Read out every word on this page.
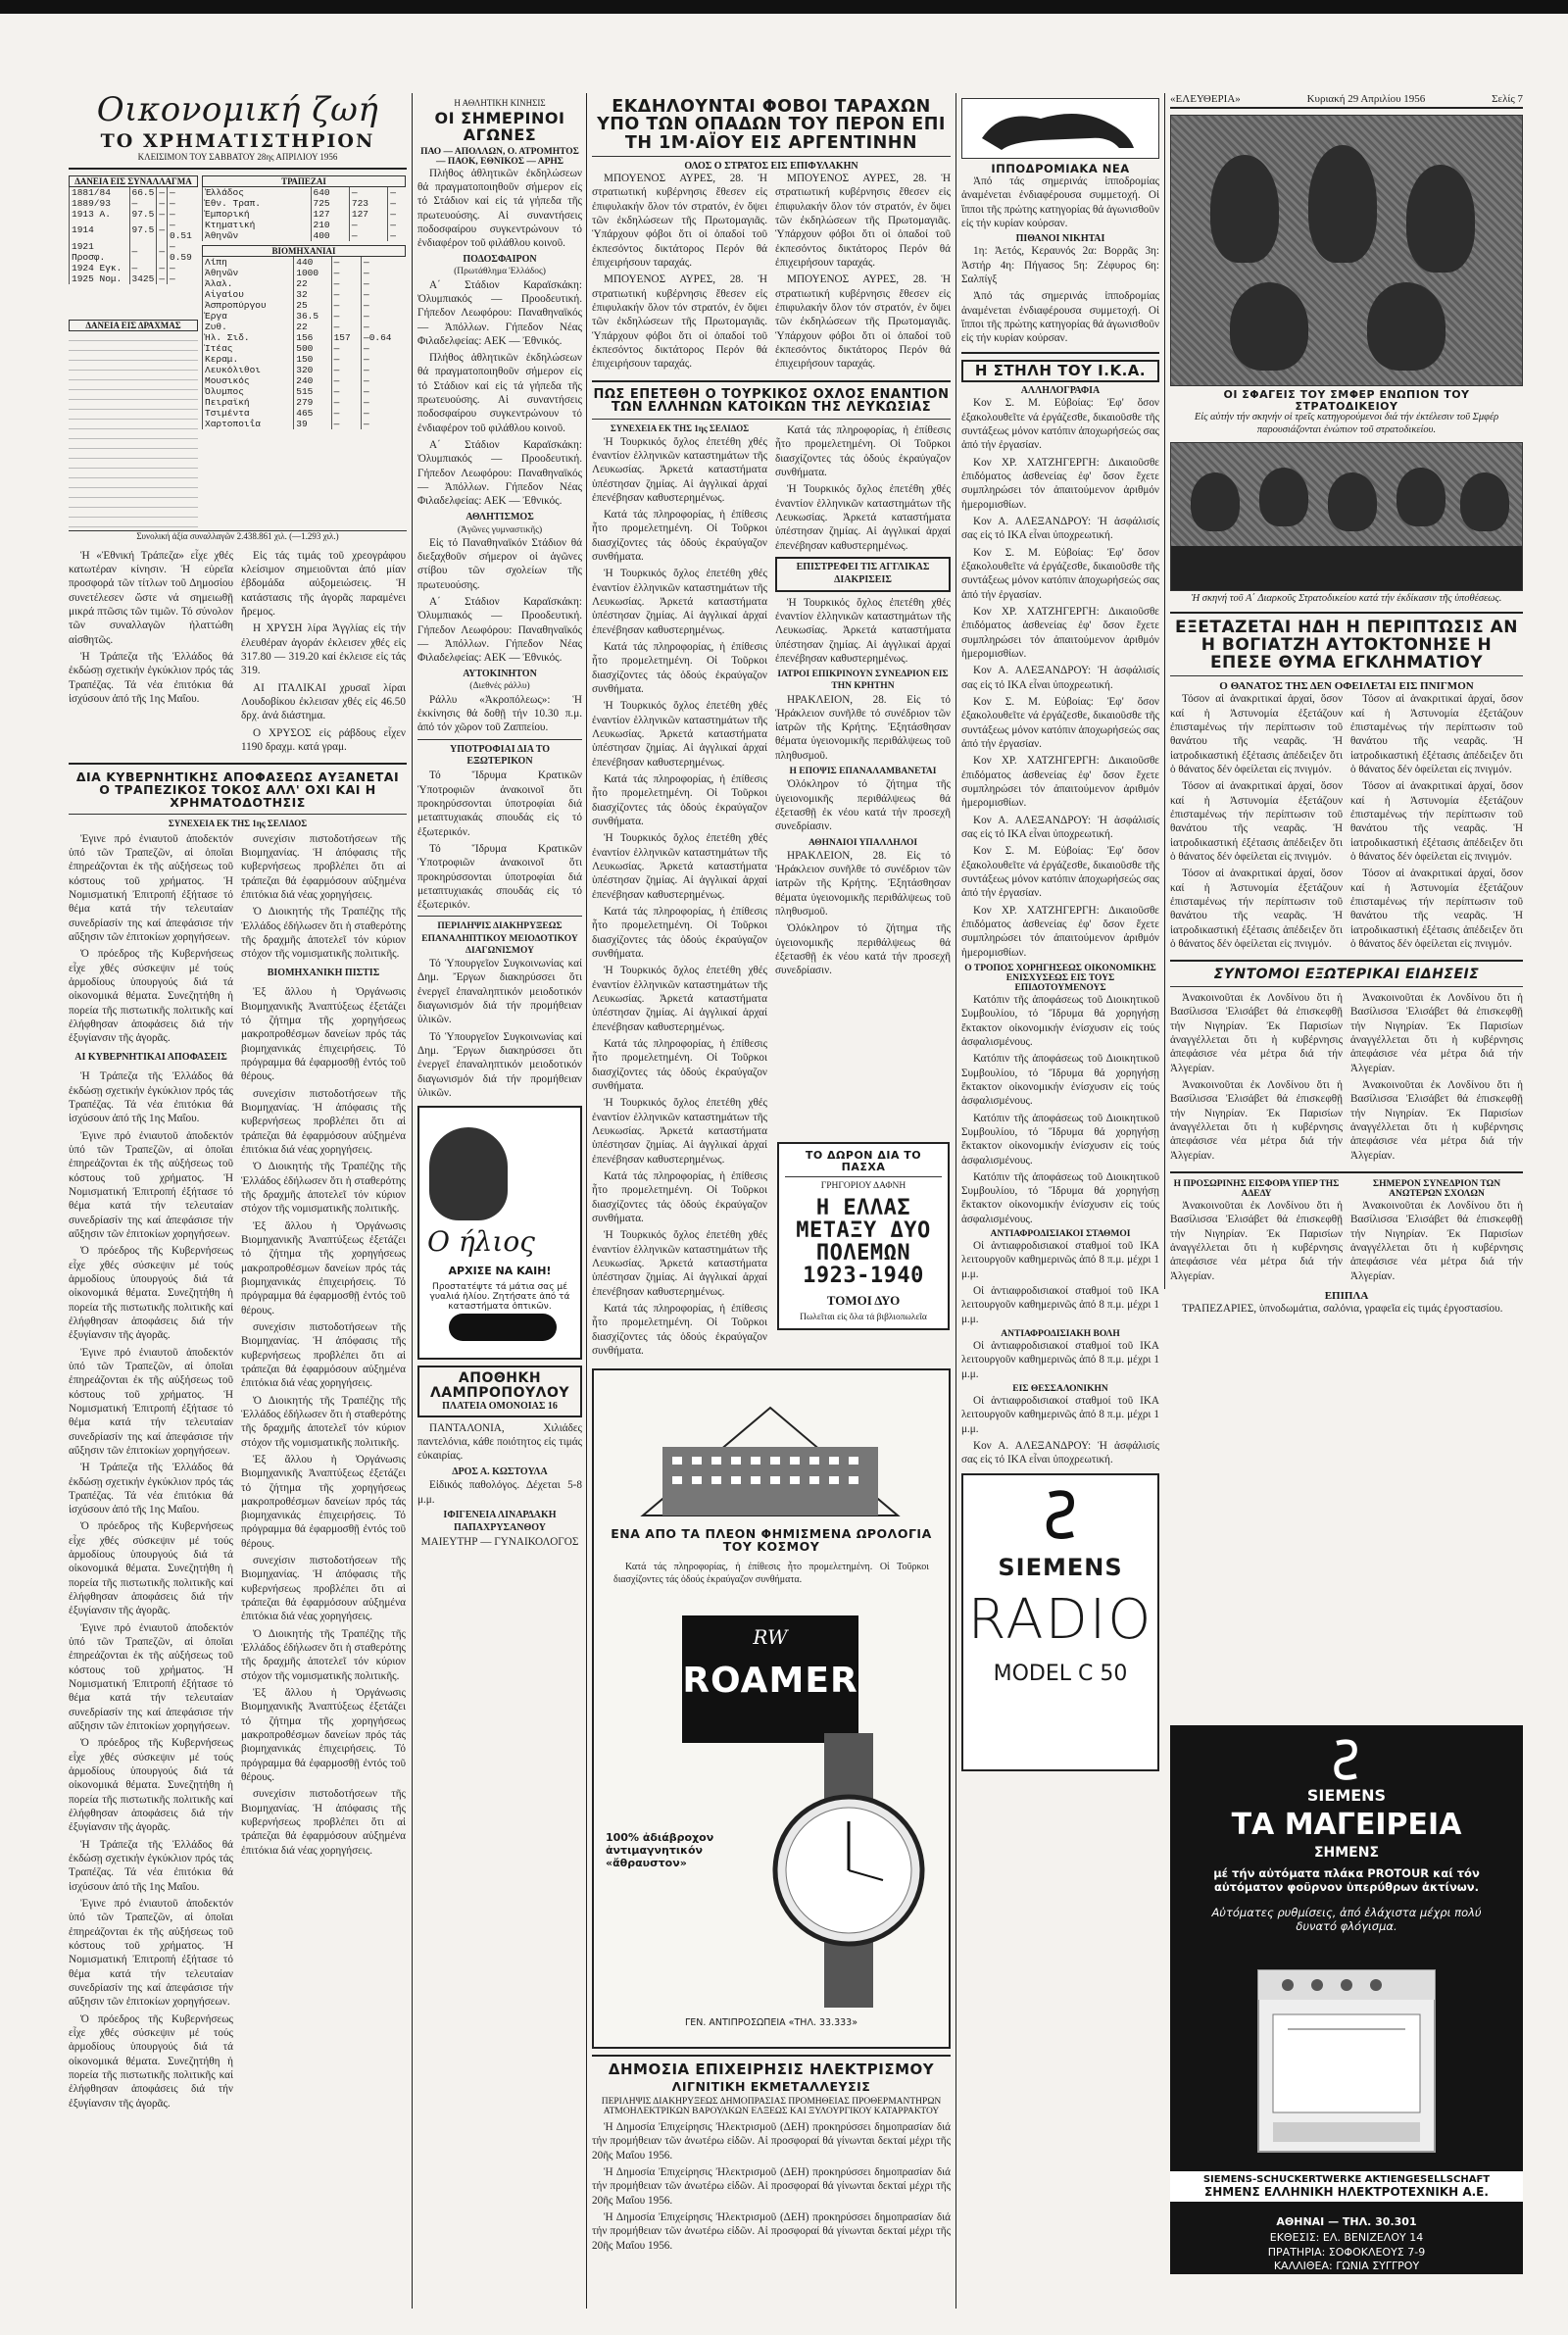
Οικονομική ζωή
ΤΟ ΧΡΗΜΑΤΙΣΤΗΡΙΟΝ
ΚΛΕΙΣΙΜΟΝ ΤΟΥ ΣΑΒΒΑΤΟΥ 28ης ΑΠΡΙΛΙΟΥ 1956
ΔΑΝΕΙΑ ΕΙΣ ΣΥΝΑΛΛΑΓΜΑ
1881/84	66.5	—	—
1889/93	—	—	—
1913 Α.	97.5	—	—
1914	97.5	—	—0.51
1921 Προσφ.	—	—	—0.59
1924 Εγκ.	—	—	—
1925 Νομ.	3425	—	—
ΔΑΝΕΙΑ ΕΙΣ ΔΡΑΧΜΑΣ
ΤΡΑΠΕΖΑΙ
Ἑλλάδος	640	—	—
Ἐθν. Τραπ.	725	723	—
Ἐμπορική	127	127	—
Κτηματική	210	—	—
Ἀθηνῶν	400	—	—
ΒΙΟΜΗΧΑΝΙΑΙ
Λίπη	440	—	—
Ἀθηνῶν	1000	—	—
Ἀλαλ.	22	—	—
Αἰγαίου	32	—	—
Ἀσπροπύργου	25	—	—
Ἐργα	36.5	—	—
Ζυθ.	22	—	—
Ἠλ. Σιδ.	156	157	—0.64
Ἰτέας	500	—	—
Κεραμ.	150	—	—
Λευκόλιθοι	320	—	—
Μουσικός	240	—	—
Ὀλυμπος	515	—	—
Πειραϊκή	279	—	—
Τσιμέντα	465	—	—
Χαρτοποιΐα	39	—	—
Συνολική ἀξία συναλλαγῶν 2.438.861 χιλ. (—1.293 χιλ.)

Ἡ «Ἐθνική Τράπεζα» εἶχε χθές κατωτέραν κίνησιν. Ἡ εὑρεῖα προσφορά τῶν τίτλων τοῦ Δημοσίου συνετέλεσεν ὥστε νά σημειωθῇ μικρά πτῶσις τῶν τιμῶν. Τό σύνολον τῶν συναλλαγῶν ἠλαττώθη αἰσθητῶς.

Ἡ Τράπεζα τῆς Ἑλλάδος θά ἐκδώσῃ σχετικήν ἐγκύκλιον πρός τάς Τραπέζας. Τά νέα ἐπιτόκια θά ἰσχύσουν ἀπό τῆς 1ης Μαΐου.

Εἰς τάς τιμάς τοῦ χρεογράφου κλείσιμον σημειοῦνται ἀπό μίαν ἐβδομάδα αὐξομειώσεις. Ἡ κατάστασις τῆς ἀγορᾶς παραμένει ἤρεμος.

Η ΧΡΥΣΗ λίρα Ἀγγλίας εἰς τήν ἐλευθέραν ἀγοράν ἐκλεισεν χθές εἰς 317.80 — 319.20 καί ἐκλεισε εἰς τάς 319.

ΑΙ ΙΤΑΛΙΚΑΙ χρυσαῖ λίραι Λουδοβίκου ἐκλεισαν χθές εἰς 46.50 δρχ. ἀνά διάστημα.

Ο ΧΡΥΣΟΣ εἰς ράβδους εἶχεν 1190 δραχμ. κατά γραμ.

ΔΙΑ ΚΥΒΕΡΝΗΤΙΚΗΣ ΑΠΟΦΑΣΕΩΣ ΑΥΞΑΝΕΤΑΙ Ο ΤΡΑΠΕΖΙΚΟΣ ΤΟΚΟΣ ΑΛΛ' ΟΧΙ ΚΑΙ Η ΧΡΗΜΑΤΟΔΟΤΗΣΙΣ
ΣΥΝΕΧΕΙΑ ΕΚ ΤΗΣ 1ης ΣΕΛΙΔΟΣ

Ἐγινε πρό ἐνιαυτοῦ ἀποδεκτόν ὑπό τῶν Τραπεζῶν, αἱ ὁποῖαι ἐπηρεάζονται ἐκ τῆς αὐξήσεως τοῦ κόστους τοῦ χρήματος. Ἡ Νομισματική Ἐπιτροπή ἐξήτασε τό θέμα κατά τήν τελευταίαν συνεδρίασίν της καί ἀπεφάσισε τήν αὔξησιν τῶν ἐπιτοκίων χορηγήσεων.

Ὁ πρόεδρος τῆς Κυβερνήσεως εἶχε χθές σύσκεψιν μέ τούς ἁρμοδίους ὑπουργούς διά τά οἰκονομικά θέματα. Συνεζητήθη ἡ πορεία τῆς πιστωτικῆς πολιτικῆς καί ἐλήφθησαν ἀποφάσεις διά τήν ἐξυγίανσιν τῆς ἀγορᾶς.

ΑΙ ΚΥΒΕΡΝΗΤΙΚΑΙ ΑΠΟΦΑΣΕΙΣ

Ἡ Τράπεζα τῆς Ἑλλάδος θά ἐκδώσῃ σχετικήν ἐγκύκλιον πρός τάς Τραπέζας. Τά νέα ἐπιτόκια θά ἰσχύσουν ἀπό τῆς 1ης Μαΐου.

Ἐγινε πρό ἐνιαυτοῦ ἀποδεκτόν ὑπό τῶν Τραπεζῶν, αἱ ὁποῖαι ἐπηρεάζονται ἐκ τῆς αὐξήσεως τοῦ κόστους τοῦ χρήματος. Ἡ Νομισματική Ἐπιτροπή ἐξήτασε τό θέμα κατά τήν τελευταίαν συνεδρίασίν της καί ἀπεφάσισε τήν αὔξησιν τῶν ἐπιτοκίων χορηγήσεων.

Ὁ πρόεδρος τῆς Κυβερνήσεως εἶχε χθές σύσκεψιν μέ τούς ἁρμοδίους ὑπουργούς διά τά οἰκονομικά θέματα. Συνεζητήθη ἡ πορεία τῆς πιστωτικῆς πολιτικῆς καί ἐλήφθησαν ἀποφάσεις διά τήν ἐξυγίανσιν τῆς ἀγορᾶς.

Ἐγινε πρό ἐνιαυτοῦ ἀποδεκτόν ὑπό τῶν Τραπεζῶν, αἱ ὁποῖαι ἐπηρεάζονται ἐκ τῆς αὐξήσεως τοῦ κόστους τοῦ χρήματος. Ἡ Νομισματική Ἐπιτροπή ἐξήτασε τό θέμα κατά τήν τελευταίαν συνεδρίασίν της καί ἀπεφάσισε τήν αὔξησιν τῶν ἐπιτοκίων χορηγήσεων.

Ἡ Τράπεζα τῆς Ἑλλάδος θά ἐκδώσῃ σχετικήν ἐγκύκλιον πρός τάς Τραπέζας. Τά νέα ἐπιτόκια θά ἰσχύσουν ἀπό τῆς 1ης Μαΐου.

Ὁ πρόεδρος τῆς Κυβερνήσεως εἶχε χθές σύσκεψιν μέ τούς ἁρμοδίους ὑπουργούς διά τά οἰκονομικά θέματα. Συνεζητήθη ἡ πορεία τῆς πιστωτικῆς πολιτικῆς καί ἐλήφθησαν ἀποφάσεις διά τήν ἐξυγίανσιν τῆς ἀγορᾶς.

Ἐγινε πρό ἐνιαυτοῦ ἀποδεκτόν ὑπό τῶν Τραπεζῶν, αἱ ὁποῖαι ἐπηρεάζονται ἐκ τῆς αὐξήσεως τοῦ κόστους τοῦ χρήματος. Ἡ Νομισματική Ἐπιτροπή ἐξήτασε τό θέμα κατά τήν τελευταίαν συνεδρίασίν της καί ἀπεφάσισε τήν αὔξησιν τῶν ἐπιτοκίων χορηγήσεων.

Ὁ πρόεδρος τῆς Κυβερνήσεως εἶχε χθές σύσκεψιν μέ τούς ἁρμοδίους ὑπουργούς διά τά οἰκονομικά θέματα. Συνεζητήθη ἡ πορεία τῆς πιστωτικῆς πολιτικῆς καί ἐλήφθησαν ἀποφάσεις διά τήν ἐξυγίανσιν τῆς ἀγορᾶς.

Ἡ Τράπεζα τῆς Ἑλλάδος θά ἐκδώσῃ σχετικήν ἐγκύκλιον πρός τάς Τραπέζας. Τά νέα ἐπιτόκια θά ἰσχύσουν ἀπό τῆς 1ης Μαΐου.

Ἐγινε πρό ἐνιαυτοῦ ἀποδεκτόν ὑπό τῶν Τραπεζῶν, αἱ ὁποῖαι ἐπηρεάζονται ἐκ τῆς αὐξήσεως τοῦ κόστους τοῦ χρήματος. Ἡ Νομισματική Ἐπιτροπή ἐξήτασε τό θέμα κατά τήν τελευταίαν συνεδρίασίν της καί ἀπεφάσισε τήν αὔξησιν τῶν ἐπιτοκίων χορηγήσεων.

Ὁ πρόεδρος τῆς Κυβερνήσεως εἶχε χθές σύσκεψιν μέ τούς ἁρμοδίους ὑπουργούς διά τά οἰκονομικά θέματα. Συνεζητήθη ἡ πορεία τῆς πιστωτικῆς πολιτικῆς καί ἐλήφθησαν ἀποφάσεις διά τήν ἐξυγίανσιν τῆς ἀγορᾶς.

συνεχίσιν πιστοδοτήσεων τῆς Βιομηχανίας. Ἡ ἀπόφασις τῆς κυβερνήσεως προβλέπει ὅτι αἱ τράπεζαι θά ἐφαρμόσουν αὐξημένα ἐπιτόκια διά νέας χορηγήσεις.

Ὁ Διοικητής τῆς Τραπέζης τῆς Ἑλλάδος ἐδήλωσεν ὅτι ἡ σταθερότης τῆς δραχμῆς ἀποτελεῖ τόν κύριον στόχον τῆς νομισματικῆς πολιτικῆς.

ΒΙΟΜΗΧΑΝΙΚΗ ΠΙΣΤΙΣ

Ἐξ ἄλλου ἡ Ὀργάνωσις Βιομηχανικῆς Ἀναπτύξεως ἐξετάζει τό ζήτημα τῆς χορηγήσεως μακροπροθέσμων δανείων πρός τάς βιομηχανικάς ἐπιχειρήσεις. Τό πρόγραμμα θά ἐφαρμοσθῇ ἐντός τοῦ θέρους.

συνεχίσιν πιστοδοτήσεων τῆς Βιομηχανίας. Ἡ ἀπόφασις τῆς κυβερνήσεως προβλέπει ὅτι αἱ τράπεζαι θά ἐφαρμόσουν αὐξημένα ἐπιτόκια διά νέας χορηγήσεις.

Ὁ Διοικητής τῆς Τραπέζης τῆς Ἑλλάδος ἐδήλωσεν ὅτι ἡ σταθερότης τῆς δραχμῆς ἀποτελεῖ τόν κύριον στόχον τῆς νομισματικῆς πολιτικῆς.

Ἐξ ἄλλου ἡ Ὀργάνωσις Βιομηχανικῆς Ἀναπτύξεως ἐξετάζει τό ζήτημα τῆς χορηγήσεως μακροπροθέσμων δανείων πρός τάς βιομηχανικάς ἐπιχειρήσεις. Τό πρόγραμμα θά ἐφαρμοσθῇ ἐντός τοῦ θέρους.

συνεχίσιν πιστοδοτήσεων τῆς Βιομηχανίας. Ἡ ἀπόφασις τῆς κυβερνήσεως προβλέπει ὅτι αἱ τράπεζαι θά ἐφαρμόσουν αὐξημένα ἐπιτόκια διά νέας χορηγήσεις.

Ὁ Διοικητής τῆς Τραπέζης τῆς Ἑλλάδος ἐδήλωσεν ὅτι ἡ σταθερότης τῆς δραχμῆς ἀποτελεῖ τόν κύριον στόχον τῆς νομισματικῆς πολιτικῆς.

Ἐξ ἄλλου ἡ Ὀργάνωσις Βιομηχανικῆς Ἀναπτύξεως ἐξετάζει τό ζήτημα τῆς χορηγήσεως μακροπροθέσμων δανείων πρός τάς βιομηχανικάς ἐπιχειρήσεις. Τό πρόγραμμα θά ἐφαρμοσθῇ ἐντός τοῦ θέρους.

συνεχίσιν πιστοδοτήσεων τῆς Βιομηχανίας. Ἡ ἀπόφασις τῆς κυβερνήσεως προβλέπει ὅτι αἱ τράπεζαι θά ἐφαρμόσουν αὐξημένα ἐπιτόκια διά νέας χορηγήσεις.

Ὁ Διοικητής τῆς Τραπέζης τῆς Ἑλλάδος ἐδήλωσεν ὅτι ἡ σταθερότης τῆς δραχμῆς ἀποτελεῖ τόν κύριον στόχον τῆς νομισματικῆς πολιτικῆς.

Ἐξ ἄλλου ἡ Ὀργάνωσις Βιομηχανικῆς Ἀναπτύξεως ἐξετάζει τό ζήτημα τῆς χορηγήσεως μακροπροθέσμων δανείων πρός τάς βιομηχανικάς ἐπιχειρήσεις. Τό πρόγραμμα θά ἐφαρμοσθῇ ἐντός τοῦ θέρους.

συνεχίσιν πιστοδοτήσεων τῆς Βιομηχανίας. Ἡ ἀπόφασις τῆς κυβερνήσεως προβλέπει ὅτι αἱ τράπεζαι θά ἐφαρμόσουν αὐξημένα ἐπιτόκια διά νέας χορηγήσεις.

Η ΑΘΛΗΤΙΚΗ ΚΙΝΗΣΙΣ
ΟΙ ΣΗΜΕΡΙΝΟΙ ΑΓΩΝΕΣ
ΠΑΟ — ΑΠΟΛΛΩΝ, Ο. ΑΤΡΟΜΗΤΟΣ — ΠΑΟΚ, ΕΘΝΙΚΟΣ — ΑΡΗΣ

Πλήθος ἀθλητικῶν ἐκδηλώσεων θά πραγματοποιηθοῦν σήμερον εἰς τό Στάδιον καί εἰς τά γήπεδα τῆς πρωτευούσης. Αἱ συναντήσεις ποδοσφαίρου συγκεντρώνουν τό ἐνδιαφέρον τοῦ φιλάθλου κοινοῦ.

ΠΟΔΟΣΦΑΙΡΟΝ
(Πρωτάθλημα Ἑλλάδος)

Α΄ Στάδιον Καραϊσκάκη: Ὀλυμπιακός — Προοδευτική. Γήπεδον Λεωφόρου: Παναθηναϊκός — Ἀπόλλων. Γήπεδον Νέας Φιλαδελφείας: ΑΕΚ — Ἐθνικός.

Πλήθος ἀθλητικῶν ἐκδηλώσεων θά πραγματοποιηθοῦν σήμερον εἰς τό Στάδιον καί εἰς τά γήπεδα τῆς πρωτευούσης. Αἱ συναντήσεις ποδοσφαίρου συγκεντρώνουν τό ἐνδιαφέρον τοῦ φιλάθλου κοινοῦ.

Α΄ Στάδιον Καραϊσκάκη: Ὀλυμπιακός — Προοδευτική. Γήπεδον Λεωφόρου: Παναθηναϊκός — Ἀπόλλων. Γήπεδον Νέας Φιλαδελφείας: ΑΕΚ — Ἐθνικός.

ΑΘΛΗΤΙΣΜΟΣ
(Ἀγῶνες γυμναστικῆς)

Εἰς τό Παναθηναϊκόν Στάδιον θά διεξαχθοῦν σήμερον οἱ ἀγῶνες στίβου τῶν σχολείων τῆς πρωτευούσης.

Α΄ Στάδιον Καραϊσκάκη: Ὀλυμπιακός — Προοδευτική. Γήπεδον Λεωφόρου: Παναθηναϊκός — Ἀπόλλων. Γήπεδον Νέας Φιλαδελφείας: ΑΕΚ — Ἐθνικός.

ΑΥΤΟΚΙΝΗΤΟΝ
(Διεθνές ράλλυ)

Ράλλυ «Ἀκροπόλεως»: Ἡ ἐκκίνησις θά δοθῇ τήν 10.30 π.μ. ἀπό τόν χῶρον τοῦ Ζαππείου.

ΥΠΟΤΡΟΦΙΑΙ ΔΙΑ ΤΟ ΕΞΩΤΕΡΙΚΟΝ

Τό Ἵδρυμα Κρατικῶν Ὑποτροφιῶν ἀνακοινοῖ ὅτι προκηρύσσονται ὑποτροφίαι διά μεταπτυχιακάς σπουδάς εἰς τό ἐξωτερικόν.

Τό Ἵδρυμα Κρατικῶν Ὑποτροφιῶν ἀνακοινοῖ ὅτι προκηρύσσονται ὑποτροφίαι διά μεταπτυχιακάς σπουδάς εἰς τό ἐξωτερικόν.

ΠΕΡΙΛΗΨΙΣ ΔΙΑΚΗΡΥΞΕΩΣ ΕΠΑΝΑΛΗΠΤΙΚΟΥ ΜΕΙΟΔΟΤΙΚΟΥ ΔΙΑΓΩΝΙΣΜΟΥ

Τό Ὑπουργεῖον Συγκοινωνίας καί Δημ. Ἔργων διακηρύσσει ὅτι ἐνεργεῖ ἐπαναληπτικόν μειοδοτικόν διαγωνισμόν διά τήν προμήθειαν ὑλικῶν.

Τό Ὑπουργεῖον Συγκοινωνίας καί Δημ. Ἔργων διακηρύσσει ὅτι ἐνεργεῖ ἐπαναληπτικόν μειοδοτικόν διαγωνισμόν διά τήν προμήθειαν ὑλικῶν.

Ο ήλιος
ΑΡΧΙΣΕ ΝΑ ΚΑΙΗ!
Προστατέψτε τά μάτια σας μέ γυαλιά ἡλίου. Ζητήσατε ἀπό τά καταστήματα ὀπτικῶν.
ΑΠΟΘΗΚΗ ΛΑΜΠΡΟΠΟΥΛΟΥ
ΠΛΑΤΕΙΑ ΟΜΟΝΟΙΑΣ 16

ΠΑΝΤΑΛΟΝΙΑ, Χιλιάδες παντελόνια, κάθε ποιότητος εἰς τιμάς εὐκαιρίας.

ΔΡΟΣ Α. ΚΩΣΤΟΥΛΑ

Εἰδικός παθολόγος. Δέχεται 5-8 μ.μ.

ΙΦΙΓΕΝΕΙΑ ΛΙΝΑΡΔΑΚΗ ΠΑΠΑΧΡΥΣΑΝΘΟΥ

ΜΑΙΕΥΤΗΡ — ΓΥΝΑΙΚΟΛΟΓΟΣ

ΕΚΔΗΛΟΥΝΤΑΙ ΦΟΒΟΙ ΤΑΡΑΧΩΝ ΥΠΟ ΤΩΝ ΟΠΑΔΩΝ ΤΟΥ ΠΕΡΟΝ ΕΠΙ ΤΗ 1Μ·ΑΪΟΥ ΕΙΣ ΑΡΓΕΝΤΙΝΗΝ
ΟΛΟΣ Ο ΣΤΡΑΤΟΣ ΕΙΣ ΕΠΙΦΥΛΑΚΗΝ

ΜΠΟΥΕΝΟΣ ΑΥΡΕΣ, 28. Ἡ στρατιωτική κυβέρνησις ἔθεσεν εἰς ἐπιφυλακήν ὅλον τόν στρατόν, ἐν ὄψει τῶν ἐκδηλώσεων τῆς Πρωτομαγιᾶς. Ὑπάρχουν φόβοι ὅτι οἱ ὀπαδοί τοῦ ἐκπεσόντος δικτάτορος Περόν θά ἐπιχειρήσουν ταραχάς.

ΜΠΟΥΕΝΟΣ ΑΥΡΕΣ, 28. Ἡ στρατιωτική κυβέρνησις ἔθεσεν εἰς ἐπιφυλακήν ὅλον τόν στρατόν, ἐν ὄψει τῶν ἐκδηλώσεων τῆς Πρωτομαγιᾶς. Ὑπάρχουν φόβοι ὅτι οἱ ὀπαδοί τοῦ ἐκπεσόντος δικτάτορος Περόν θά ἐπιχειρήσουν ταραχάς.

ΜΠΟΥΕΝΟΣ ΑΥΡΕΣ, 28. Ἡ στρατιωτική κυβέρνησις ἔθεσεν εἰς ἐπιφυλακήν ὅλον τόν στρατόν, ἐν ὄψει τῶν ἐκδηλώσεων τῆς Πρωτομαγιᾶς. Ὑπάρχουν φόβοι ὅτι οἱ ὀπαδοί τοῦ ἐκπεσόντος δικτάτορος Περόν θά ἐπιχειρήσουν ταραχάς.

ΜΠΟΥΕΝΟΣ ΑΥΡΕΣ, 28. Ἡ στρατιωτική κυβέρνησις ἔθεσεν εἰς ἐπιφυλακήν ὅλον τόν στρατόν, ἐν ὄψει τῶν ἐκδηλώσεων τῆς Πρωτομαγιᾶς. Ὑπάρχουν φόβοι ὅτι οἱ ὀπαδοί τοῦ ἐκπεσόντος δικτάτορος Περόν θά ἐπιχειρήσουν ταραχάς.

ΠΩΣ ΕΠΕΤΕΘΗ Ο ΤΟΥΡΚΙΚΟΣ ΟΧΛΟΣ ΕΝΑΝΤΙΟΝ ΤΩΝ ΕΛΛΗΝΩΝ ΚΑΤΟΙΚΩΝ ΤΗΣ ΛΕΥΚΩΣΙΑΣ
ΣΥΝΕΧΕΙΑ ΕΚ ΤΗΣ 1ης ΣΕΛΙΔΟΣ

Ἡ Τουρκικός ὄχλος ἐπετέθη χθές ἐναντίον ἑλληνικῶν καταστημάτων τῆς Λευκωσίας. Ἀρκετά καταστήματα ὑπέστησαν ζημίας. Αἱ ἀγγλικαί ἀρχαί ἐπενέβησαν καθυστερημένως.

Κατά τάς πληροφορίας, ἡ ἐπίθεσις ἦτο προμελετημένη. Οἱ Τοῦρκοι διασχίζοντες τάς ὁδούς ἐκραύγαζον συνθήματα.

Ἡ Τουρκικός ὄχλος ἐπετέθη χθές ἐναντίον ἑλληνικῶν καταστημάτων τῆς Λευκωσίας. Ἀρκετά καταστήματα ὑπέστησαν ζημίας. Αἱ ἀγγλικαί ἀρχαί ἐπενέβησαν καθυστερημένως.

Κατά τάς πληροφορίας, ἡ ἐπίθεσις ἦτο προμελετημένη. Οἱ Τοῦρκοι διασχίζοντες τάς ὁδούς ἐκραύγαζον συνθήματα.

Ἡ Τουρκικός ὄχλος ἐπετέθη χθές ἐναντίον ἑλληνικῶν καταστημάτων τῆς Λευκωσίας. Ἀρκετά καταστήματα ὑπέστησαν ζημίας. Αἱ ἀγγλικαί ἀρχαί ἐπενέβησαν καθυστερημένως.

Κατά τάς πληροφορίας, ἡ ἐπίθεσις ἦτο προμελετημένη. Οἱ Τοῦρκοι διασχίζοντες τάς ὁδούς ἐκραύγαζον συνθήματα.

Ἡ Τουρκικός ὄχλος ἐπετέθη χθές ἐναντίον ἑλληνικῶν καταστημάτων τῆς Λευκωσίας. Ἀρκετά καταστήματα ὑπέστησαν ζημίας. Αἱ ἀγγλικαί ἀρχαί ἐπενέβησαν καθυστερημένως.

Κατά τάς πληροφορίας, ἡ ἐπίθεσις ἦτο προμελετημένη. Οἱ Τοῦρκοι διασχίζοντες τάς ὁδούς ἐκραύγαζον συνθήματα.

Ἡ Τουρκικός ὄχλος ἐπετέθη χθές ἐναντίον ἑλληνικῶν καταστημάτων τῆς Λευκωσίας. Ἀρκετά καταστήματα ὑπέστησαν ζημίας. Αἱ ἀγγλικαί ἀρχαί ἐπενέβησαν καθυστερημένως.

Κατά τάς πληροφορίας, ἡ ἐπίθεσις ἦτο προμελετημένη. Οἱ Τοῦρκοι διασχίζοντες τάς ὁδούς ἐκραύγαζον συνθήματα.

Ἡ Τουρκικός ὄχλος ἐπετέθη χθές ἐναντίον ἑλληνικῶν καταστημάτων τῆς Λευκωσίας. Ἀρκετά καταστήματα ὑπέστησαν ζημίας. Αἱ ἀγγλικαί ἀρχαί ἐπενέβησαν καθυστερημένως.

Κατά τάς πληροφορίας, ἡ ἐπίθεσις ἦτο προμελετημένη. Οἱ Τοῦρκοι διασχίζοντες τάς ὁδούς ἐκραύγαζον συνθήματα.

Ἡ Τουρκικός ὄχλος ἐπετέθη χθές ἐναντίον ἑλληνικῶν καταστημάτων τῆς Λευκωσίας. Ἀρκετά καταστήματα ὑπέστησαν ζημίας. Αἱ ἀγγλικαί ἀρχαί ἐπενέβησαν καθυστερημένως.

Κατά τάς πληροφορίας, ἡ ἐπίθεσις ἦτο προμελετημένη. Οἱ Τοῦρκοι διασχίζοντες τάς ὁδούς ἐκραύγαζον συνθήματα.

Κατά τάς πληροφορίας, ἡ ἐπίθεσις ἦτο προμελετημένη. Οἱ Τοῦρκοι διασχίζοντες τάς ὁδούς ἐκραύγαζον συνθήματα.

Ἡ Τουρκικός ὄχλος ἐπετέθη χθές ἐναντίον ἑλληνικῶν καταστημάτων τῆς Λευκωσίας. Ἀρκετά καταστήματα ὑπέστησαν ζημίας. Αἱ ἀγγλικαί ἀρχαί ἐπενέβησαν καθυστερημένως.

ΕΠΙΣΤΡΕΦΕΙ ΤΙΣ ΑΓΓΛΙΚΑΣ ΔΙΑΚΡΙΣΕΙΣ

Ἡ Τουρκικός ὄχλος ἐπετέθη χθές ἐναντίον ἑλληνικῶν καταστημάτων τῆς Λευκωσίας. Ἀρκετά καταστήματα ὑπέστησαν ζημίας. Αἱ ἀγγλικαί ἀρχαί ἐπενέβησαν καθυστερημένως.

ΙΑΤΡΟΙ ΕΠΙΚΡΙΝΟΥΝ ΣΥΝΕΔΡΙΟΝ ΕΙΣ ΤΗΝ ΚΡΗΤΗΝ

ΗΡΑΚΛΕΙΟΝ, 28. Εἰς τό Ἡράκλειον συνῆλθε τό συνέδριον τῶν ἰατρῶν τῆς Κρήτης. Ἐξητάσθησαν θέματα ὑγειονομικῆς περιθάλψεως τοῦ πληθυσμοῦ.

Η ΕΠΟΨΙΣ ΕΠΑΝΑΛΑΜΒΑΝΕΤΑΙ

Ὁλόκληρον τό ζήτημα τῆς ὑγειονομικῆς περιθάλψεως θά ἐξετασθῇ ἐκ νέου κατά τήν προσεχῆ συνεδρίασιν.

ΑΘΗΝΑΙΟΙ ΥΠΑΛΛΗΛΟΙ

ΗΡΑΚΛΕΙΟΝ, 28. Εἰς τό Ἡράκλειον συνῆλθε τό συνέδριον τῶν ἰατρῶν τῆς Κρήτης. Ἐξητάσθησαν θέματα ὑγειονομικῆς περιθάλψεως τοῦ πληθυσμοῦ.

Ὁλόκληρον τό ζήτημα τῆς ὑγειονομικῆς περιθάλψεως θά ἐξετασθῇ ἐκ νέου κατά τήν προσεχῆ συνεδρίασιν.

ΕΝΑ ΑΠΟ ΤΑ ΠΛΕΟΝ ΦΗΜΙΣΜΕΝΑ ΩΡΟΛΟΓΙΑ ΤΟΥ ΚΟΣΜΟΥ

Κατά τάς πληροφορίας, ἡ ἐπίθεσις ἦτο προμελετημένη. Οἱ Τοῦρκοι διασχίζοντες τάς ὁδούς ἐκραύγαζον συνθήματα.

RW
ROAMER
100% ἀδιάβροχον ἀντιμαγνητικόν «ἄθραυστον»
ΓΕΝ. ΑΝΤΙΠΡΟΣΩΠΕΙΑ «ΤΗΛ. 33.333»
ΔΗΜΟΣΙΑ ΕΠΙΧΕΙΡΗΣΙΣ ΗΛΕΚΤΡΙΣΜΟΥ
ΛΙΓΝΙΤΙΚΗ ΕΚΜΕΤΑΛΛΕΥΣΙΣ
ΠΕΡΙΛΗΨΙΣ ΔΙΑΚΗΡΥΞΕΩΣ ΔΗΜΟΠΡΑΣΙΑΣ ΠΡΟΜΗΘΕΙΑΣ ΠΡΟΘΕΡΜΑΝΤΗΡΩΝ ΑΤΜΟΗΛΕΚΤΡΙΚΩΝ ΒΑΡΟΥΛΚΩΝ ΕΛΞΕΩΣ ΚΑΙ ΞΥΛΟΥΡΓΙΚΟΥ ΚΑΤΑΡΡΑΚΤΟΥ

Ἡ Δημοσία Ἐπιχείρησις Ἠλεκτρισμοῦ (ΔΕΗ) προκηρύσσει δημοπρασίαν διά τήν προμήθειαν τῶν ἀνωτέρω εἰδῶν. Αἱ προσφοραί θά γίνωνται δεκταί μέχρι τῆς 20ῆς Μαΐου 1956.

Ἡ Δημοσία Ἐπιχείρησις Ἠλεκτρισμοῦ (ΔΕΗ) προκηρύσσει δημοπρασίαν διά τήν προμήθειαν τῶν ἀνωτέρω εἰδῶν. Αἱ προσφοραί θά γίνωνται δεκταί μέχρι τῆς 20ῆς Μαΐου 1956.

Ἡ Δημοσία Ἐπιχείρησις Ἠλεκτρισμοῦ (ΔΕΗ) προκηρύσσει δημοπρασίαν διά τήν προμήθειαν τῶν ἀνωτέρω εἰδῶν. Αἱ προσφοραί θά γίνωνται δεκταί μέχρι τῆς 20ῆς Μαΐου 1956.

ΙΠΠΟΔΡΟΜΙΑΚΑ ΝΕΑ

Ἀπό τάς σημερινάς ἱπποδρομίας ἀναμένεται ἐνδιαφέρουσα συμμετοχή. Οἱ ἵπποι τῆς πρώτης κατηγορίας θά ἀγωνισθοῦν εἰς τήν κυρίαν κούρσαν.

ΠΙΘΑΝΟΙ ΝΙΚΗΤΑΙ

1η: Ἀετός, Κεραυνός 2α: Βορρᾶς 3η: Ἀστήρ 4η: Πήγασος 5η: Ζέφυρος 6η: Σαλπίγξ

Ἀπό τάς σημερινάς ἱπποδρομίας ἀναμένεται ἐνδιαφέρουσα συμμετοχή. Οἱ ἵπποι τῆς πρώτης κατηγορίας θά ἀγωνισθοῦν εἰς τήν κυρίαν κούρσαν.

Η ΣΤΗΛΗ ΤΟΥ Ι.Κ.Α.
ΑΛΛΗΛΟΓΡΑΦΙΑ

Κον Σ. Μ. Εὐβοίας: Ἐφ' ὅσον ἐξακολουθεῖτε νά ἐργάζεσθε, δικαιοῦσθε τῆς συντάξεως μόνον κατόπιν ἀποχωρήσεώς σας ἀπό τήν ἐργασίαν.

Κον ΧΡ. ΧΑΤΖΗΓΕΡΓΗ: Δικαιοῦσθε ἐπιδόματος ἀσθενείας ἐφ' ὅσον ἔχετε συμπληρώσει τόν ἀπαιτούμενον ἀριθμόν ἡμερομισθίων.

Κον Α. ΑΛΕΞΑΝΔΡΟΥ: Ἡ ἀσφάλισίς σας εἰς τό ΙΚΑ εἶναι ὑποχρεωτική.

Κον Σ. Μ. Εὐβοίας: Ἐφ' ὅσον ἐξακολουθεῖτε νά ἐργάζεσθε, δικαιοῦσθε τῆς συντάξεως μόνον κατόπιν ἀποχωρήσεώς σας ἀπό τήν ἐργασίαν.

Κον ΧΡ. ΧΑΤΖΗΓΕΡΓΗ: Δικαιοῦσθε ἐπιδόματος ἀσθενείας ἐφ' ὅσον ἔχετε συμπληρώσει τόν ἀπαιτούμενον ἀριθμόν ἡμερομισθίων.

Κον Α. ΑΛΕΞΑΝΔΡΟΥ: Ἡ ἀσφάλισίς σας εἰς τό ΙΚΑ εἶναι ὑποχρεωτική.

Κον Σ. Μ. Εὐβοίας: Ἐφ' ὅσον ἐξακολουθεῖτε νά ἐργάζεσθε, δικαιοῦσθε τῆς συντάξεως μόνον κατόπιν ἀποχωρήσεώς σας ἀπό τήν ἐργασίαν.

Κον ΧΡ. ΧΑΤΖΗΓΕΡΓΗ: Δικαιοῦσθε ἐπιδόματος ἀσθενείας ἐφ' ὅσον ἔχετε συμπληρώσει τόν ἀπαιτούμενον ἀριθμόν ἡμερομισθίων.

Κον Α. ΑΛΕΞΑΝΔΡΟΥ: Ἡ ἀσφάλισίς σας εἰς τό ΙΚΑ εἶναι ὑποχρεωτική.

Κον Σ. Μ. Εὐβοίας: Ἐφ' ὅσον ἐξακολουθεῖτε νά ἐργάζεσθε, δικαιοῦσθε τῆς συντάξεως μόνον κατόπιν ἀποχωρήσεώς σας ἀπό τήν ἐργασίαν.

Κον ΧΡ. ΧΑΤΖΗΓΕΡΓΗ: Δικαιοῦσθε ἐπιδόματος ἀσθενείας ἐφ' ὅσον ἔχετε συμπληρώσει τόν ἀπαιτούμενον ἀριθμόν ἡμερομισθίων.

Ο ΤΡΟΠΟΣ ΧΟΡΗΓΗΣΕΩΣ ΟΙΚΟΝΟΜΙΚΗΣ ΕΝΙΣΧΥΣΕΩΣ ΕΙΣ ΤΟΥΣ ΕΠΙΔΟΤΟΥΜΕΝΟΥΣ

Κατόπιν τῆς ἀποφάσεως τοῦ Διοικητικοῦ Συμβουλίου, τό Ἵδρυμα θά χορηγήσῃ ἔκτακτον οἰκονομικήν ἐνίσχυσιν εἰς τούς ἀσφαλισμένους.

Κατόπιν τῆς ἀποφάσεως τοῦ Διοικητικοῦ Συμβουλίου, τό Ἵδρυμα θά χορηγήσῃ ἔκτακτον οἰκονομικήν ἐνίσχυσιν εἰς τούς ἀσφαλισμένους.

Κατόπιν τῆς ἀποφάσεως τοῦ Διοικητικοῦ Συμβουλίου, τό Ἵδρυμα θά χορηγήσῃ ἔκτακτον οἰκονομικήν ἐνίσχυσιν εἰς τούς ἀσφαλισμένους.

Κατόπιν τῆς ἀποφάσεως τοῦ Διοικητικοῦ Συμβουλίου, τό Ἵδρυμα θά χορηγήσῃ ἔκτακτον οἰκονομικήν ἐνίσχυσιν εἰς τούς ἀσφαλισμένους.

ΑΝΤΙΑΦΡΟΔΙΣΙΑΚΟΙ ΣΤΑΘΜΟΙ

Οἱ ἀντιαφροδισιακοί σταθμοί τοῦ ΙΚΑ λειτουργοῦν καθημερινῶς ἀπό 8 π.μ. μέχρι 1 μ.μ.

Οἱ ἀντιαφροδισιακοί σταθμοί τοῦ ΙΚΑ λειτουργοῦν καθημερινῶς ἀπό 8 π.μ. μέχρι 1 μ.μ.

ΑΝΤΙΑΦΡΟΔΙΣΙΑΚΗ ΒΟΛΗ

Οἱ ἀντιαφροδισιακοί σταθμοί τοῦ ΙΚΑ λειτουργοῦν καθημερινῶς ἀπό 8 π.μ. μέχρι 1 μ.μ.

ΕΙΣ ΘΕΣΣΑΛΟΝΙΚΗΝ

Οἱ ἀντιαφροδισιακοί σταθμοί τοῦ ΙΚΑ λειτουργοῦν καθημερινῶς ἀπό 8 π.μ. μέχρι 1 μ.μ.

Κον Α. ΑΛΕΞΑΝΔΡΟΥ: Ἡ ἀσφάλισίς σας εἰς τό ΙΚΑ εἶναι ὑποχρεωτική.

SIEMENS
RADIO
MODEL C 50
ΤΟ ΔΩΡΟΝ ΔΙΑ ΤΟ ΠΑΣΧΑ
ΓΡΗΓΟΡΙΟΥ ΔΑΦΝΗ
Η ΕΛΛΑΣ ΜΕΤΑΞΥ ΔΥΟ ΠΟΛΕΜΩΝ 1923-1940
ΤΟΜΟΙ ΔΥΟ
Πωλεῖται εἰς ὅλα τά βιβλιοπωλεῖα
«ΕΛΕΥΘΕΡΙΑ»	Κυριακή 29 Απριλίου 1956	Σελίς 7
ΟΙ ΣΦΑΓΕΙΣ ΤΟΥ ΣΜΦΕΡ ΕΝΩΠΙΟΝ ΤΟΥ ΣΤΡΑΤΟΔΙΚΕΙΟΥ
Εἰς αὐτήν τήν σκηνήν οἱ τρεῖς κατηγορούμενοι διά τήν ἐκτέλεσιν τοῦ Σμφέρ παρουσιάζονται ἐνώπιον τοῦ στρατοδικείου.
Ἡ σκηνή τοῦ Α΄ Διαρκοῦς Στρατοδικείου κατά τήν ἐκδίκασιν τῆς ὑποθέσεως.
ΕΞΕΤΑΖΕΤΑΙ ΗΔΗ Η ΠΕΡΙΠΤΩΣΙΣ ΑΝ Η ΒΟΓΙΑΤΖΗ ΑΥΤΟΚΤΟΝΗΣΕ Η ΕΠΕΣΕ ΘΥΜΑ ΕΓΚΛΗΜΑΤΙΟΥ
Ο ΘΑΝΑΤΟΣ ΤΗΣ ΔΕΝ ΟΦΕΙΛΕΤΑΙ ΕΙΣ ΠΝΙΓΜΟΝ

Τόσον αἱ ἀνακριτικαί ἀρχαί, ὅσον καί ἡ Ἀστυνομία ἐξετάζουν ἐπισταμένως τήν περίπτωσιν τοῦ θανάτου τῆς νεαρᾶς. Ἡ ἰατροδικαστική ἐξέτασις ἀπέδειξεν ὅτι ὁ θάνατος δέν ὀφείλεται εἰς πνιγμόν.

Τόσον αἱ ἀνακριτικαί ἀρχαί, ὅσον καί ἡ Ἀστυνομία ἐξετάζουν ἐπισταμένως τήν περίπτωσιν τοῦ θανάτου τῆς νεαρᾶς. Ἡ ἰατροδικαστική ἐξέτασις ἀπέδειξεν ὅτι ὁ θάνατος δέν ὀφείλεται εἰς πνιγμόν.

Τόσον αἱ ἀνακριτικαί ἀρχαί, ὅσον καί ἡ Ἀστυνομία ἐξετάζουν ἐπισταμένως τήν περίπτωσιν τοῦ θανάτου τῆς νεαρᾶς. Ἡ ἰατροδικαστική ἐξέτασις ἀπέδειξεν ὅτι ὁ θάνατος δέν ὀφείλεται εἰς πνιγμόν.

Τόσον αἱ ἀνακριτικαί ἀρχαί, ὅσον καί ἡ Ἀστυνομία ἐξετάζουν ἐπισταμένως τήν περίπτωσιν τοῦ θανάτου τῆς νεαρᾶς. Ἡ ἰατροδικαστική ἐξέτασις ἀπέδειξεν ὅτι ὁ θάνατος δέν ὀφείλεται εἰς πνιγμόν.

Τόσον αἱ ἀνακριτικαί ἀρχαί, ὅσον καί ἡ Ἀστυνομία ἐξετάζουν ἐπισταμένως τήν περίπτωσιν τοῦ θανάτου τῆς νεαρᾶς. Ἡ ἰατροδικαστική ἐξέτασις ἀπέδειξεν ὅτι ὁ θάνατος δέν ὀφείλεται εἰς πνιγμόν.

Τόσον αἱ ἀνακριτικαί ἀρχαί, ὅσον καί ἡ Ἀστυνομία ἐξετάζουν ἐπισταμένως τήν περίπτωσιν τοῦ θανάτου τῆς νεαρᾶς. Ἡ ἰατροδικαστική ἐξέτασις ἀπέδειξεν ὅτι ὁ θάνατος δέν ὀφείλεται εἰς πνιγμόν.

ΣΥΝΤΟΜΟΙ ΕΞΩΤΕΡΙΚΑΙ ΕΙΔΗΣΕΙΣ

Ἀνακοινοῦται ἐκ Λονδίνου ὅτι ἡ Βασίλισσα Ἐλισάβετ θά ἐπισκεφθῇ τήν Νιγηρίαν. Ἐκ Παρισίων ἀναγγέλλεται ὅτι ἡ κυβέρνησις ἀπεφάσισε νέα μέτρα διά τήν Ἀλγερίαν.

Ἀνακοινοῦται ἐκ Λονδίνου ὅτι ἡ Βασίλισσα Ἐλισάβετ θά ἐπισκεφθῇ τήν Νιγηρίαν. Ἐκ Παρισίων ἀναγγέλλεται ὅτι ἡ κυβέρνησις ἀπεφάσισε νέα μέτρα διά τήν Ἀλγερίαν.

Ἀνακοινοῦται ἐκ Λονδίνου ὅτι ἡ Βασίλισσα Ἐλισάβετ θά ἐπισκεφθῇ τήν Νιγηρίαν. Ἐκ Παρισίων ἀναγγέλλεται ὅτι ἡ κυβέρνησις ἀπεφάσισε νέα μέτρα διά τήν Ἀλγερίαν.

Ἀνακοινοῦται ἐκ Λονδίνου ὅτι ἡ Βασίλισσα Ἐλισάβετ θά ἐπισκεφθῇ τήν Νιγηρίαν. Ἐκ Παρισίων ἀναγγέλλεται ὅτι ἡ κυβέρνησις ἀπεφάσισε νέα μέτρα διά τήν Ἀλγερίαν.

Η ΠΡΟΣΩΡΙΝΗΣ ΕΙΣΦΟΡΑ ΥΠΕΡ ΤΗΣ ΑΔΕΔΥ

Ἀνακοινοῦται ἐκ Λονδίνου ὅτι ἡ Βασίλισσα Ἐλισάβετ θά ἐπισκεφθῇ τήν Νιγηρίαν. Ἐκ Παρισίων ἀναγγέλλεται ὅτι ἡ κυβέρνησις ἀπεφάσισε νέα μέτρα διά τήν Ἀλγερίαν.

ΣΗΜΕΡΟΝ ΣΥΝΕΔΡΙΟΝ ΤΩΝ ΑΝΩΤΕΡΩΝ ΣΧΟΛΩΝ

Ἀνακοινοῦται ἐκ Λονδίνου ὅτι ἡ Βασίλισσα Ἐλισάβετ θά ἐπισκεφθῇ τήν Νιγηρίαν. Ἐκ Παρισίων ἀναγγέλλεται ὅτι ἡ κυβέρνησις ἀπεφάσισε νέα μέτρα διά τήν Ἀλγερίαν.

ΕΠΙΠΛΑ

ΤΡΑΠΕΖΑΡΙΕΣ, ὑπνοδωμάτια, σαλόνια, γραφεῖα εἰς τιμάς ἐργοστασίου.

SIEMENS
ΤΑ ΜΑΓΕΙΡΕΙΑ
ΣΗΜΕΝΣ
μέ τήν αὐτόματα πλάκα PROTOUR καί τόν αὐτόματον φοῦρνον ὑπερύθρων ἀκτίνων.
Αὐτόματες ρυθμίσεις, ἀπό ἐλάχιστα μέχρι πολύ δυνατό φλόγισμα.
SIEMENS-SCHUCKERTWERKE AKTIENGESELLSCHAFT
ΣΗΜΕΝΣ ΕΛΛΗΝΙΚΗ ΗΛΕΚΤΡΟΤΕΧΝΙΚΗ Α.Ε.
ΑΘΗΝΑΙ — ΤΗΛ. 30.301
ΕΚΘΕΣΙΣ: ΕΛ. ΒΕΝΙΖΕΛΟΥ 14
ΠΡΑΤΗΡΙΑ: ΣΟΦΟΚΛΕΟΥΣ 7-9
ΚΑΛΛΙΘΕΑ: ΓΩΝΙΑ ΣΥΓΓΡΟΥ
